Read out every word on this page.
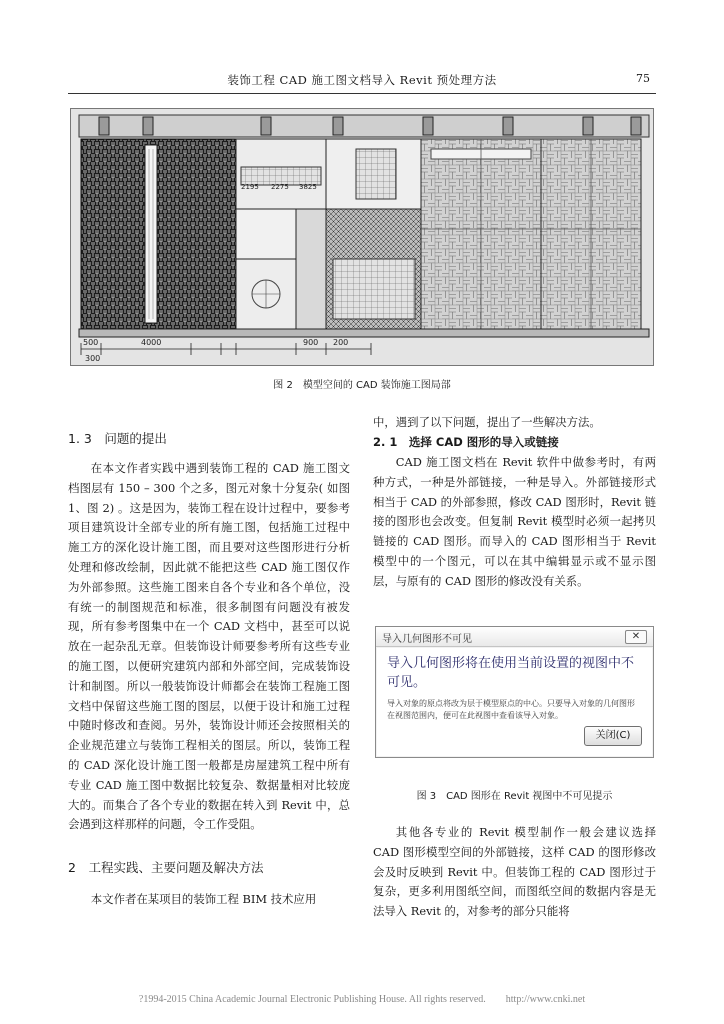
装饰工程 CAD 施工图文档导入 Revit 预处理方法	75
4000
500
2195 2275 3825
900 200
300
图 2　模型空间的 CAD 装饰施工图局部
1. 3　问题的提出
在本文作者实践中遇到装饰工程的 CAD 施工图文档图层有 150 – 300 个之多，图元对象十分复杂( 如图 1、图 2) 。这是因为，装饰工程在设计过程中，要参考项目建筑设计全部专业的所有施工图，包括施工过程中施工方的深化设计施工图，而且要对这些图形进行分析处理和修改绘制，因此就不能把这些 CAD 施工图仅作为外部参照。这些施工图来自各个专业和各个单位，没有统一的制图规范和标准，很多制图有问题没有被发现，所有参考图集中在一个 CAD 文档中，甚至可以说放在一起杂乱无章。但装饰设计师要参考所有这些专业的施工图，以便研究建筑内部和外部空间，完成装饰设计和制图。所以一般装饰设计师都会在装饰工程施工图文档中保留这些施工图的图层，以便于设计和施工过程中随时修改和查阅。另外，装饰设计师还会按照相关的企业规范建立与装饰工程相关的图层。所以，装饰工程的 CAD 深化设计施工图一般都是房屋建筑工程中所有专业 CAD 施工图中数据比较复杂、数据量相对比较庞大的。而集合了各个专业的数据在转入到 Revit 中，总会遇到这样那样的问题，令工作受阻。
2　工程实践、主要问题及解决方法
本文作者在某项目的装饰工程 BIM 技术应用
中，遇到了以下问题，提出了一些解决方法。
2. 1　选择 CAD 图形的导入或链接
CAD 施工图文档在 Revit 软件中做参考时，有两种方式，一种是外部链接，一种是导入。外部链接形式相当于 CAD 的外部参照，修改 CAD 图形时，Revit 链接的图形也会改变。但复制 Revit 模型时必须一起拷贝链接的 CAD 图形。而导入的 CAD 图形相当于 Revit 模型中的一个图元，可以在其中编辑显示或不显示图层，与原有的 CAD 图形的修改没有关系。
导入几何图形不可见	✕
导入几何图形将在使用当前设置的视图中不可见。
导入对象的原点将改为层于模型原点的中心。只要导入对象的几何图形在视图范围内，便可在此视图中查看该导入对象。
关闭(C)
图 3　CAD 图形在 Revit 视图中不可见提示
其他各专业的 Revit 模型制作一般会建议选择 CAD 图形模型空间的外部链接，这样 CAD 的图形修改会及时反映到 Revit 中。但装饰工程的 CAD 图形过于复杂，更多利用图纸空间，而图纸空间的数据内容是无法导入 Revit 的，对参考的部分只能将
?1994-2015 China Academic Journal Electronic Publishing House. All rights reserved.　　http://www.cnki.net
